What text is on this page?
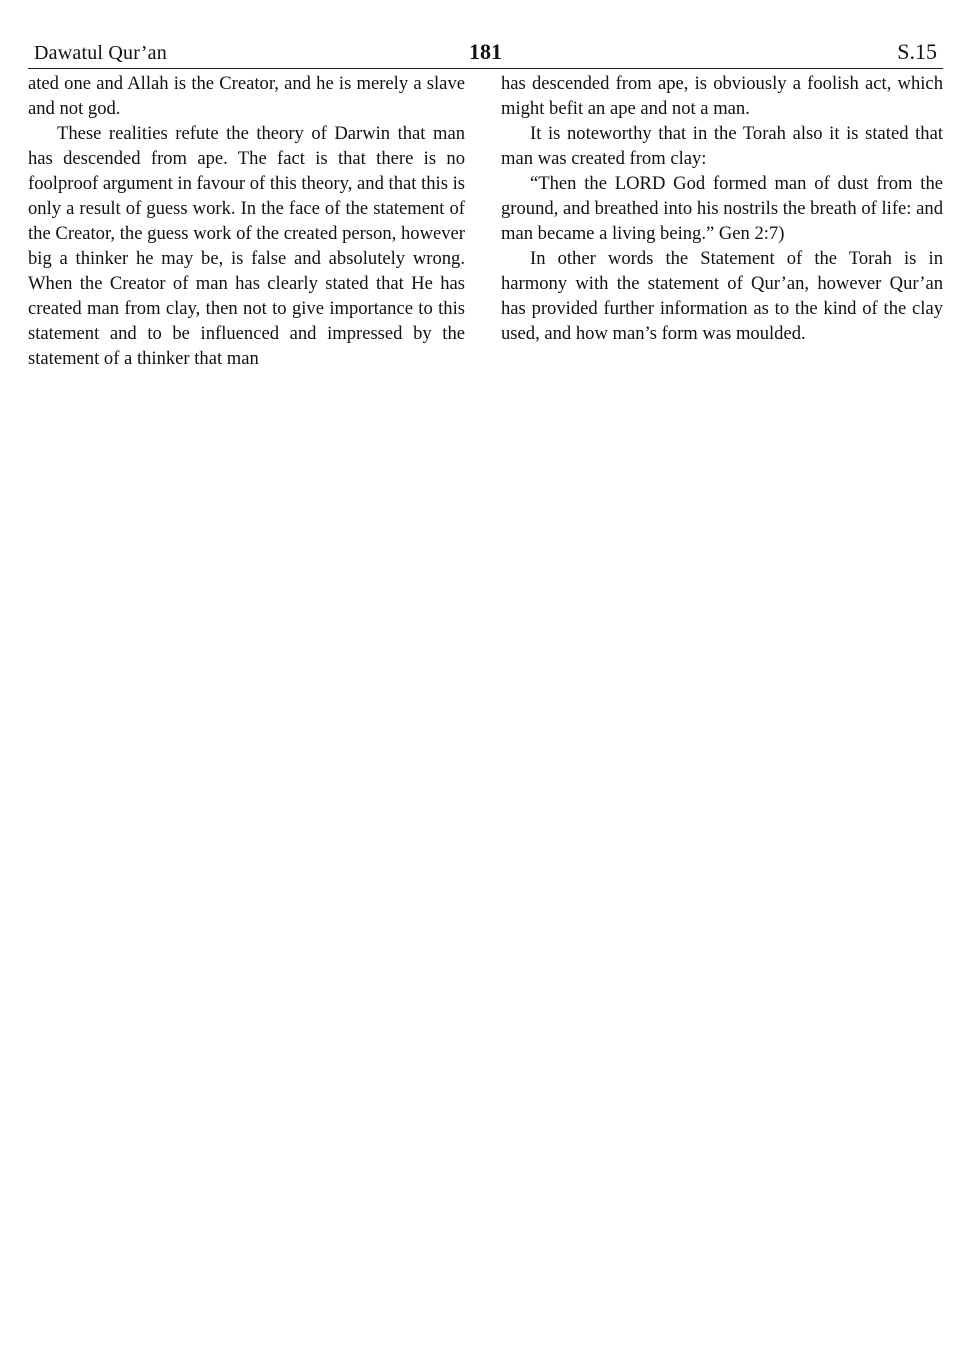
Dawatul Qur’an	181	S.15

ated one and Allah is the Creator, and he is merely a slave and not god.

These realities refute the theory of Darwin that man has descended from ape. The fact is that there is no foolproof argument in favour of this theory, and that this is only a result of guess work. In the face of the statement of the Creator, the guess work of the created person, however big a thinker he may be, is false and absolutely wrong. When the Creator of man has clearly stated that He has created man from clay, then not to give importance to this statement and to be influenced and impressed by the statement of a thinker that man

has descended from ape, is obviously a foolish act, which might befit an ape and not a man.

It is noteworthy that in the Torah also it is stated that man was created from clay:

“Then the LORD God formed man of dust from the ground, and breathed into his nostrils the breath of life: and man became a living being.” Gen 2:7)

In other words the Statement of the Torah is in harmony with the statement of Qur’an, however Qur’an has provided further information as to the kind of the clay used, and how man’s form was moulded.
